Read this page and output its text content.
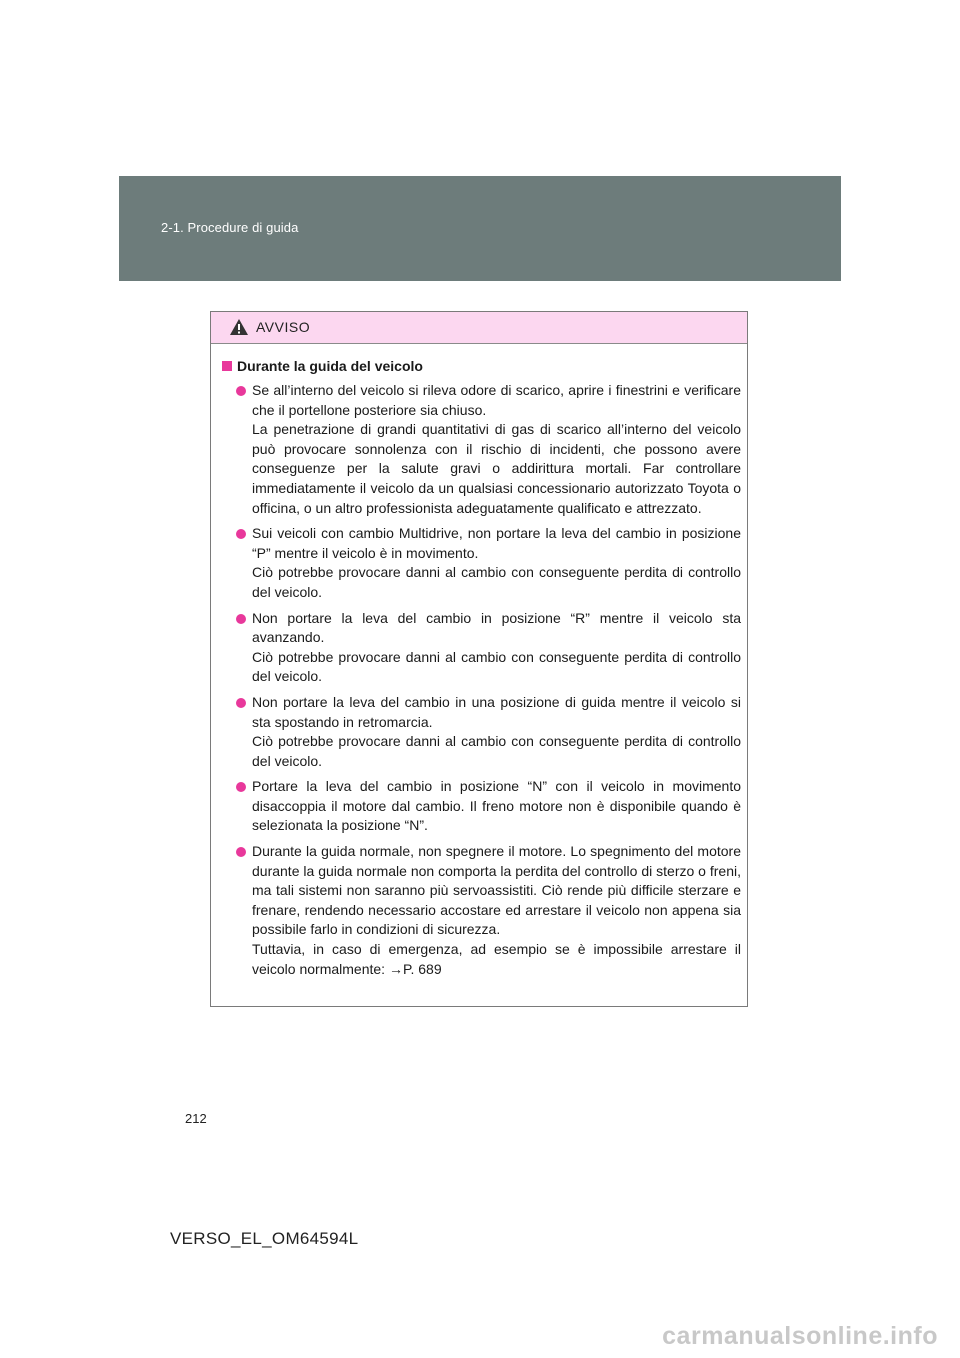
2-1. Procedure di guida
AVVISO
Durante la guida del veicolo

Se all’interno del veicolo si rileva odore di scarico, aprire i finestrini e verificare che il portellone posteriore sia chiuso.

La penetrazione di grandi quantitativi di gas di scarico all’interno del veicolo può provocare sonnolenza con il rischio di incidenti, che possono avere conseguenze per la salute gravi o addirittura mortali. Far controllare immediatamente il veicolo da un qualsiasi concessionario autorizzato Toyota o officina, o un altro professionista adeguatamente qualificato e attrezzato.

Sui veicoli con cambio Multidrive, non portare la leva del cambio in posizione “P” mentre il veicolo è in movimento.

Ciò potrebbe provocare danni al cambio con conseguente perdita di controllo del veicolo.

Non portare la leva del cambio in posizione “R” mentre il veicolo sta avanzando.

Ciò potrebbe provocare danni al cambio con conseguente perdita di controllo del veicolo.

Non portare la leva del cambio in una posizione di guida mentre il veicolo si sta spostando in retromarcia.

Ciò potrebbe provocare danni al cambio con conseguente perdita di controllo del veicolo.

Portare la leva del cambio in posizione “N” con il veicolo in movimento disaccoppia il motore dal cambio. Il freno motore non è disponibile quando è selezionata la posizione “N”.

Durante la guida normale, non spegnere il motore. Lo spegnimento del motore durante la guida normale non comporta la perdita del controllo di sterzo o freni, ma tali sistemi non saranno più servoassistiti. Ciò rende più difficile sterzare e frenare, rendendo necessario accostare ed arrestare il veicolo non appena sia possibile farlo in condizioni di sicurezza.

Tuttavia, in caso di emergenza, ad esempio se è impossibile arrestare il veicolo normalmente: →P. 689

212
VERSO_EL_OM64594L
carmanualsonline.info
